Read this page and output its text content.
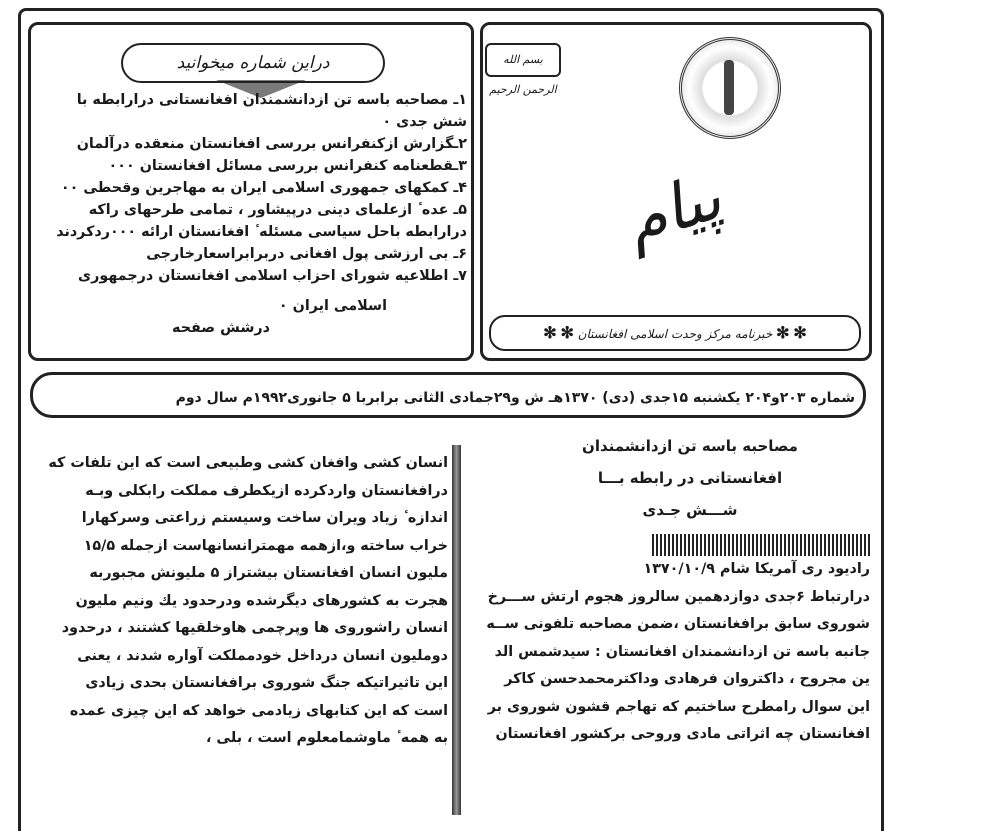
دراین شماره میخوانید
۱ـ مصاحبه باسه تن ازدانشمندان افغانستانی درارابطه با
شش جدی ۰
۲ـگزارش ازکنفرانس بررسی افغانستان منعقده درآلمان
۳ـقطعنامه کنفرانس بررسی مسائل افغانستان ۰۰۰
۴ـ کمکهای جمهوری اسلامی ایران به مهاجرین وقحطی ۰۰
۵ـ عده ٔ ازعلمای دینی درپیشاور ، تمامی طرحهای راکه
درارابطه باحل سیاسی مسئله ٔ افغانستان ارائه ۰۰۰ردکردند
۶ـ بی ارزشی پول افغانی دربرابراسعارخارجی
۷ـ اطلاعیه شورای احزاب اسلامی افغانستان درجمهوری
اسلامی ایران ۰
درشش صفحه
بسم الله الرحمن الرحیم
پیام
✻ ✻ خبرنامه مرکز وحدت اسلامی افغانستان ✻ ✻
شماره ۲۰۳و۲۰۴ یکشنبه ۱۵جدی (دی) ۱۳۷۰هـ ش و۲۹جمادی الثانی برابربا ۵ جانوری۱۹۹۲م سال دوم
مصاحبه باسه تن ازدانشمندان
افغانستانی در رابطه بـــا
شـــش جـدی
رادیود ری آمریکا شام ۱۳۷۰/۱۰/۹
درارتباط ۶جدی دوازدهمین سالروز هجوم ارتش ســـرخ
شوروی سابق برافغانستان ،ضمن مصاحبه تلفونی ســه
جانبه باسه تن ازدانشمندان افغانستان : سیدشمس الد
ین مجروح ، داکتروان فرهادی وداکترمحمدحسن کاکر
این سوال رامطرح ساختیم که تهاجم قشون شوروی بر
افغانستان چه اثراتی مادی وروحی برکشور افغانستان
انسان کشی وافغان کشی وطبیعی است که این تلفات که
درافغانستان واردکرده ازیکطرف مملکت رابکلی وبـه
اندازه ٔ زیاد ویران ساخت وسیستم زراعتی وسرکهارا
خراب ساخته و،ازهمه مهمترانسانهاست ازجمله ۱۵/۵
ملیون انسان افغانستان بیشتراز ۵ ملیونش مجبوربه
هجرت به کشورهای دیگرشده ودرحدود یك ونیم ملیون
انسان راشوروی ها وپرچمی هاوخلقیها کشتند ، درحدود
دوملیون انسان درداخل خودمملکت آواره شدند ، یعنی
این تاثیراتیکه جنگ شوروی برافغانستان بحدی زیادی
است که این کتابهای زیادمی خواهد که این چیزی عمده
به همه ٔ ماوشمامعلوم است ، بلی ،
